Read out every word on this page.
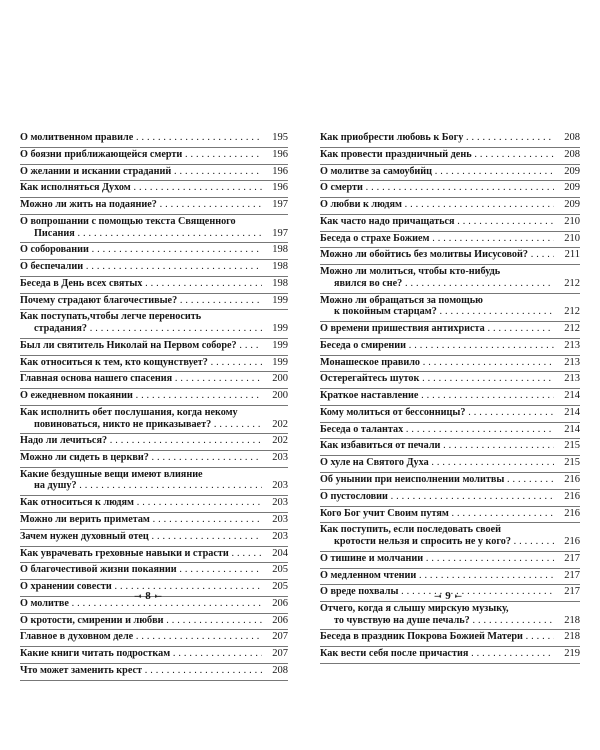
О молитвенном правиле . . .	195
О боязни приближающейся смерти . . .	196
О желании и искании страданий . . .	196
Как исполняться Духом . . .	196
Можно ли жить на подаяние? . . .	197
О вопрошании с помощью текста Священного
Писания . . .	197
О соборовании . . .	198
О беспечалии . . .	198
Беседа в День всех святых . . .	198
Почему страдают благочестивые? . . .	199
Как поступать,чтобы легче переносить
страдания? . . .	199
Был ли святитель Николай на Первом соборе? . . .	199
Как относиться к тем, кто кощунствует? . . .	199
Главная основа нашего спасения . . .	200
О ежедневном покаянии . . .	200
Как исполнить обет послушания, когда некому
повиноваться, никто не приказывает? . . .	202
Надо ли лечиться? . . .	202
Можно ли сидеть в церкви? . . .	203
Какие бездушные вещи имеют влияние
на душу? . . .	203
Как относиться к людям . . .	203
Можно ли верить приметам . . .	203
Зачем нужен духовный отец . . .	203
Как уврачевать греховные навыки и страсти . . .	204
О благочестивой жизни покаянии . . .	205
О хранении совести . . .	205
О молитве . . .	206
О кротости, смирении и любви . . .	206
Главное в духовном деле . . .	207
Какие книги читать подросткам . . .	207
Что может заменить крест . . .	208
Как приобрести любовь к Богу . . .	208
Как провести праздничный день . . .	208
О молитве за самоубийц . . .	209
О смерти . . .	209
О любви к людям . . .	209
Как часто надо причащаться . . .	210
Беседа о страхе Божием . . .	210
Можно ли обойтись без молитвы Иисусовой? . . .	211
Можно ли молиться, чтобы кто-нибудь
явился во сне? . . .	212
Можно ли обращаться за помощью
к покойным старцам? . . .	212
О времени пришествия антихриста . . .	212
Беседа о смирении . . .	213
Монашеское правило . . .	213
Остерегайтесь шуток . . .	213
Краткое наставление . . .	214
Кому молиться от бессонницы? . . .	214
Беседа о талантах . . .	214
Как избавиться от печали . . .	215
О хуле на Святого Духа . . .	215
Об унынии при неисполнении молитвы . . .	216
О пустословии . . .	216
Кого Бог учит Своим путям . . .	216
Как поступить, если последовать своей
кротости нельзя и спросить не у кого? . . .	216
О тишине и молчании . . .	217
О медленном чтении . . .	217
О вреде похвалы . . .	217
Отчего, когда я слышу мирскую музыку,
то чувствую на душе печаль? . . .	218
Беседа в праздник Покрова Божией Матери . . .	218
Как вести себя после причастия . . .	219
⇥ 8 ⇤	⇥ 9 ⇤
